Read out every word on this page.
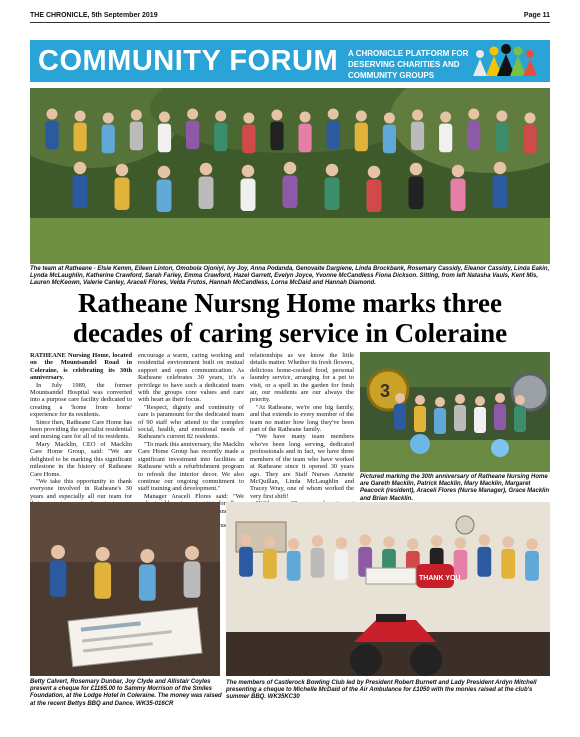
THE CHRONICLE, 5th September 2019	Page 11
COMMUNITY FORUM A CHRONICLE PLATFORM FOR DESERVING CHARITIES AND COMMUNITY GROUPS
The team at Ratheane - Elsie Kemm, Eileen Linton, Omobola Ojoniyi, Ivy Joy, Anna Podanda, Genovaite Dargiene, Linda Brockbank, Rosemary Cassidy, Eleanor Cassidy, Linda Eakin, Lynda McLaughlin, Katherine Crawford, Sarah Farley, Emma Crawford, Hazel Garrett, Evelyn Joyce, Yvonne McCandless Fiona Dickson. Sitting, from left Natasha Vauls, Kent Mis, Lauren McKeown, Valerie Canley, Araceli Flores, Velda Frutos, Hannah McCandless, Lorna McDaid and Hannah Diamond.
Ratheane Nursng Home marks three decades of caring service in Coleraine

RATHEANE Nursing Home, located on the Mountsandel Road in Coleraine, is celebrating its 30th anniversary.

In July 1989, the former Mountsandel Hospital was converted into a purpose care facility dedicated to creating a 'home from home' experience for its residents.

Since then, Ratheane Care Home has been providing the specialist residential and nursing care for all of its residents.

Mary Macklin, CEO of Macklin Care Home Group, said: "We are delighted to be marking this significant milestone in the history of Ratheane Care Home.

"We take this opportunity to thank everyone involved in Ratheane's 30 years and especially all our team for

encourage a warm, caring working and residential environment built on mutual support and open communication. As Ratheane celebrates 30 years, it's a privilege to have such a dedicated team with the groups core values and care with heart as their focus.

"Respect, dignity and continuity of care is paramount for the dedicated team of 90 staff who attend to the complex social, health, and emotional needs of Ratheane's current 82 residents.

"To mark this anniversary, the Macklin Care Home Group has recently made a significant investment into facilities at Ratheane with a refurbishment program to refresh the interior decor. We also continue our ongoing commitment to staff training and development."

Manager Araceli Flores said: "We for and

relationships as we know the little details matter. Whether its fresh flowers, delicious home-cooked food, personal laundry service, arranging for a pet to visit, or a spell in the garden for fresh air, our residents are our always the priority.

"At Ratheane, we're one big family, and that extends to every member of the team no matter how long they've been part of the Ratheane family.

"We have many team members who've been long serving, dedicated professionals and in fact, we have three members of the team who have worked at Ratheane since it opened 30 years ago. They are Staff Nurses Annette McQuillan, Linda McLaughlin and Tracey Wray, one of whom worked the very first shift!

3
Pictured marking the 30th anniversary of Ratheane Nursing Home are Gareth Macklin, Patrick Macklin, Mary Macklin, Margaret Peacock (resident), Araceli Flores (Nurse Manager), Grace Macklin and Brian Macklin.
Betty Calvert, Rosemary Dunbar, Joy Clyde and Allistair Coyles present a cheque for £1165.00 to Sammy Morrison of the Smiles Foundation, at the Lodge Hotel in Coleraine. The money was raised at the recent Bettys BBQ and Dance. WK35-016CR
THANK YOU
The members of Castlerock Bowling Club led by President Robert Burnett and Lady President Ardyn Mitchell presenting a cheque to Michelle McDaid of the Air Ambulance for £1050 with the monies raised at the club's summer BBQ. WK35KC30
